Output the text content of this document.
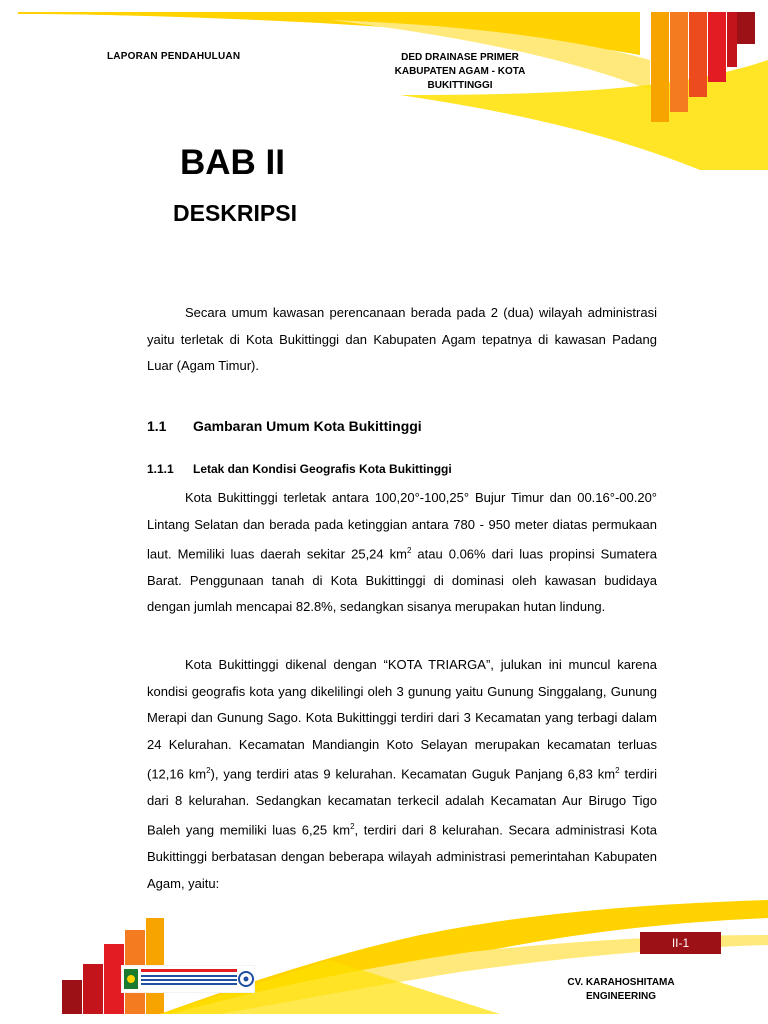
LAPORAN PENDAHULUAN	DED DRAINASE PRIMER
KABUPATEN AGAM - KOTA
BUKITTINGGI
BAB II
DESKRIPSI
Secara umum kawasan perencanaan berada pada 2 (dua) wilayah administrasi yaitu terletak di Kota Bukittinggi dan Kabupaten Agam tepatnya di kawasan Padang Luar (Agam Timur).
1.1 Gambaran Umum Kota Bukittinggi
1.1.1 Letak dan Kondisi Geografis Kota Bukittinggi
Kota Bukittinggi terletak antara 100,20°-100,25° Bujur Timur dan 00.16°-00.20° Lintang Selatan dan berada pada ketinggian antara 780 - 950 meter diatas permukaan laut. Memiliki luas daerah sekitar 25,24 $km^2$ atau 0.06% dari luas propinsi Sumatera Barat. Penggunaan tanah di Kota Bukittinggi di dominasi oleh kawasan budidaya dengan jumlah mencapai 82.8%, sedangkan sisanya merupakan hutan lindung.
Kota Bukittinggi dikenal dengan “KOTA TRIARGA”, julukan ini muncul karena kondisi geografis kota yang dikelilingi oleh 3 gunung yaitu Gunung Singgalang, Gunung Merapi dan Gunung Sago. Kota Bukittinggi terdiri dari 3 Kecamatan yang terbagi dalam 24 Kelurahan. Kecamatan Mandiangin Koto Selayan merupakan kecamatan terluas (12,16 $km^2$), yang terdiri atas 9 kelurahan. Kecamatan Guguk Panjang 6,83 $km^2$ terdiri dari 8 kelurahan. Sedangkan kecamatan terkecil adalah Kecamatan Aur Birugo Tigo Baleh yang memiliki luas 6,25 $km^2$, terdiri dari 8 kelurahan. Secara administrasi Kota Bukittinggi berbatasan dengan beberapa wilayah administrasi pemerintahan Kabupaten Agam, yaitu:
II-1
CV. KARAHOSHITAMA
ENGINEERING
